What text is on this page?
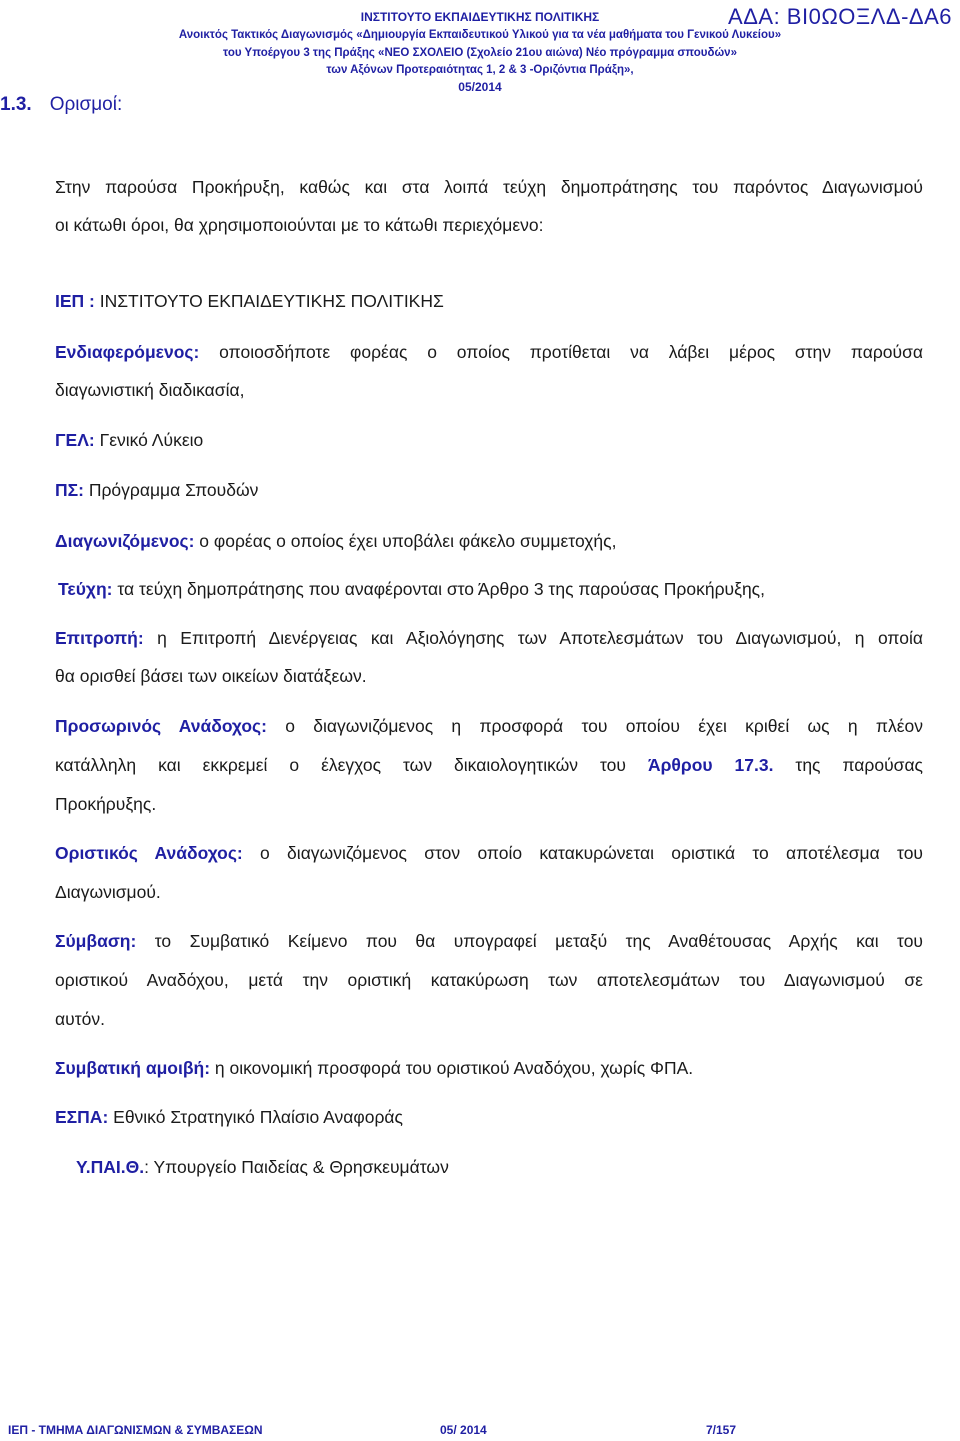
ΙΝΣΤΙΤΟΥΤΟ ΕΚΠΑΙΔΕΥΤΙΚΗΣ ΠΟΛΙΤΙΚΗΣ	ΑΔΑ: ΒΙ0ΩΟΞΛΔ-ΔΑ6
Ανοικτός Τακτικός Διαγωνισμός «Δημιουργία Εκπαιδευτικού Υλικού για τα νέα μαθήματα του Γενικού Λυκείου»
του Υποέργου 3 της Πράξης «ΝΕΟ ΣΧΟΛΕΙΟ (Σχολείο 21ου αιώνα) Νέο πρόγραμμα σπουδών»
των Αξόνων Προτεραιότητας 1, 2 & 3 -Οριζόντια Πράξη»,
05/2014
1.3. Ορισμοί:
Στην παρούσα Προκήρυξη, καθώς και στα λοιπά τεύχη δημοπράτησης του παρόντος Διαγωνισμού
οι κάτωθι όροι, θα χρησιμοποιούνται με το κάτωθι περιεχόμενο:
ΙΕΠ : ΙΝΣΤΙΤΟΥΤΟ ΕΚΠΑΙΔΕΥΤΙΚΗΣ ΠΟΛΙΤΙΚΗΣ
Ενδιαφερόμενος: οποιοσδήποτε φορέας ο οποίος προτίθεται να λάβει μέρος στην παρούσα
διαγωνιστική διαδικασία,
ΓΕΛ: Γενικό Λύκειο
ΠΣ: Πρόγραμμα Σπουδών
Διαγωνιζόμενος: ο φορέας ο οποίος έχει υποβάλει φάκελο συμμετοχής,
Τεύχη: τα τεύχη δημοπράτησης που αναφέρονται στο Άρθρο 3 της παρούσας Προκήρυξης,
Επιτροπή: η Επιτροπή Διενέργειας και Αξιολόγησης των Αποτελεσμάτων του Διαγωνισμού, η οποία
θα ορισθεί βάσει των οικείων διατάξεων.
Προσωρινός Ανάδοχος: ο διαγωνιζόμενος η προσφορά του οποίου έχει κριθεί ως η πλέον
κατάλληλη και εκκρεμεί ο έλεγχος των δικαιολογητικών του Άρθρου 17.3. της παρούσας
Προκήρυξης.
Οριστικός Ανάδοχος: ο διαγωνιζόμενος στον οποίο κατακυρώνεται οριστικά το αποτέλεσμα του
Διαγωνισμού.
Σύμβαση: το Συμβατικό Κείμενο που θα υπογραφεί μεταξύ της Αναθέτουσας Αρχής και του
οριστικού Αναδόχου, μετά την οριστική κατακύρωση των αποτελεσμάτων του Διαγωνισμού σε
αυτόν.
Συμβατική αμοιβή: η οικονομική προσφορά του οριστικού Αναδόχου, χωρίς ΦΠΑ.
ΕΣΠΑ: Εθνικό Στρατηγικό Πλαίσιο Αναφοράς
Υ.ΠΑΙ.Θ.: Υπουργείο Παιδείας & Θρησκευμάτων
ΙΕΠ - ΤΜΗΜΑ ΔΙΑΓΩΝΙΣΜΩΝ & ΣΥΜΒΑΣΕΩΝ	05/ 2014	7/157
